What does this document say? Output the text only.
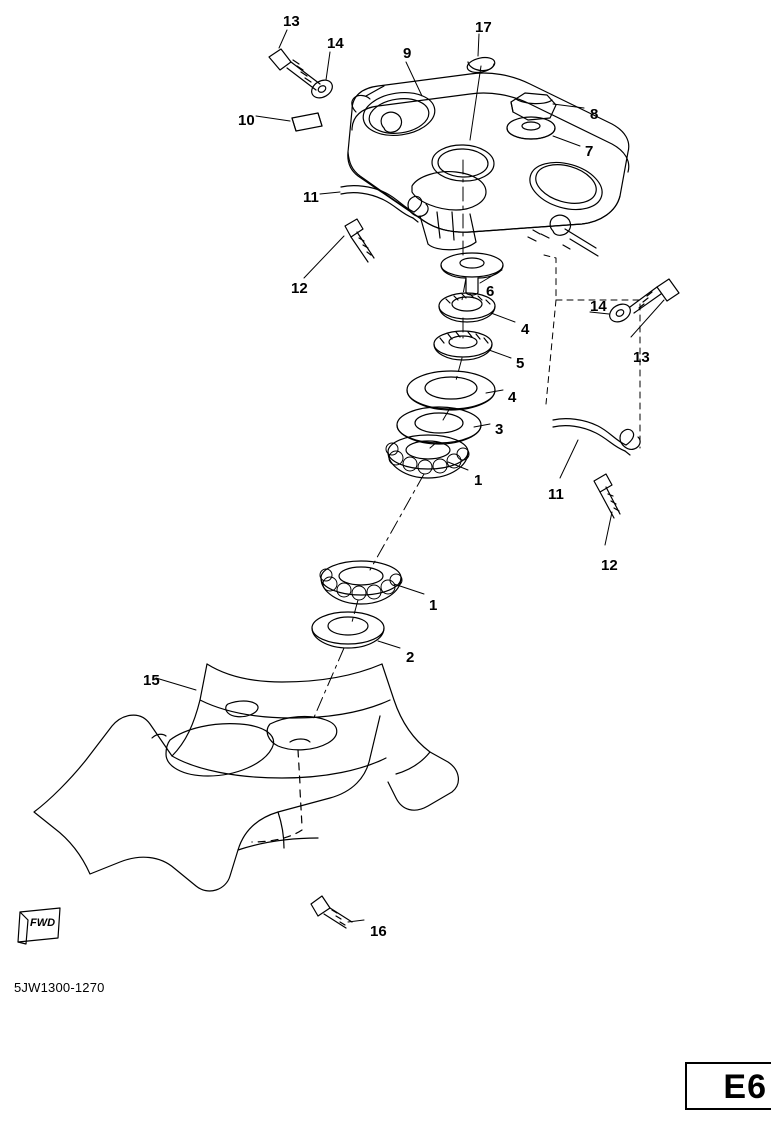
FWD
13
14
9
17
8
7
10
11
12	6
14
13
4
5
4
3
1
11
12
1
2
15
16
5JW1300-1270
E6
